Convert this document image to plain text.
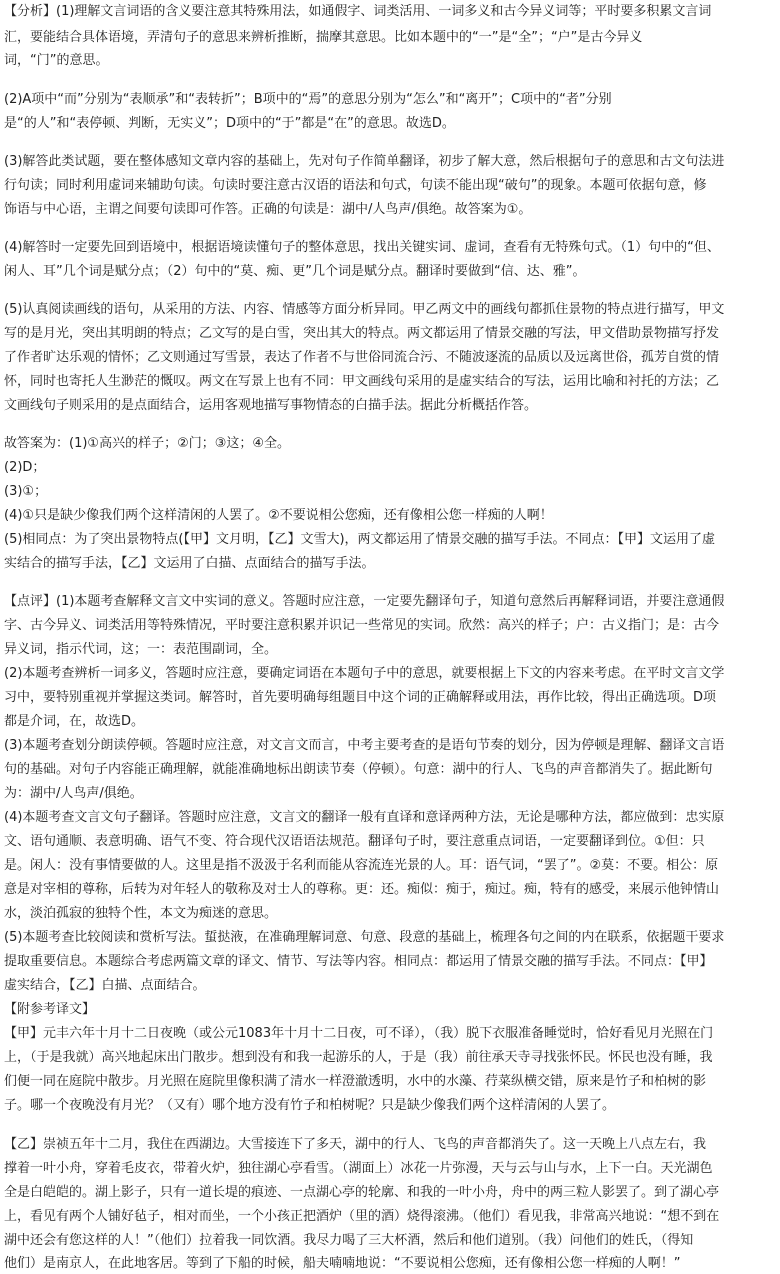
【分析】(1)理解文言词语的含义要注意其特殊用法，如通假字、词类活用、一词多义和古今异义词等；平时要多积累文言词

汇，要能结合具体语境，弄清句子的意思来辨析推断，揣摩其意思。比如本题中的“一”是“全”；“户”是古今异义

词，“门”的意思。

(2)A项中“而”分别为“表顺承”和“表转折”；B项中的“焉”的意思分别为“怎么”和“离开”；C项中的“者”分别

是“的人”和“表停顿、判断，无实义”；D项中的“于”都是“在”的意思。故选D。

(3)解答此类试题，要在整体感知文章内容的基础上，先对句子作简单翻译，初步了解大意，然后根据句子的意思和古文句法进

行句读；同时利用虚词来辅助句读。句读时要注意古汉语的语法和句式，句读不能出现“破句”的现象。本题可依据句意，修

饰语与中心语，主谓之间要句读即可作答。正确的句读是：湖中/人鸟声/俱绝。故答案为①。

(4)解答时一定要先回到语境中，根据语境读懂句子的整体意思，找出关键实词、虚词，查看有无特殊句式。（1）句中的“但、

闲人、耳”几个词是赋分点；（2）句中的“莫、痴、更”几个词是赋分点。翻译时要做到“信、达、雅”。

(5)认真阅读画线的语句，从采用的方法、内容、情感等方面分析异同。甲乙两文中的画线句都抓住景物的特点进行描写，甲文

写的是月光，突出其明朗的特点；乙文写的是白雪，突出其大的特点。两文都运用了情景交融的写法，甲文借助景物描写抒发

了作者旷达乐观的情怀；乙文则通过写雪景，表达了作者不与世俗同流合污、不随波逐流的品质以及远离世俗，孤芳自赏的情

怀，同时也寄托人生渺茫的慨叹。两文在写景上也有不同：甲文画线句采用的是虚实结合的写法，运用比喻和衬托的方法；乙

文画线句子则采用的是点面结合，运用客观地描写事物情态的白描手法。据此分析概括作答。

故答案为：(1)①高兴的样子；②门；③这；④全。

(2)D；

(3)①；

(4)①只是缺少像我们两个这样清闲的人罢了。②不要说相公您痴，还有像相公您一样痴的人啊！

(5)相同点：为了突出景物特点(【甲】文月明，【乙】文雪大)，两文都运用了情景交融的描写手法。不同点：【甲】文运用了虚

实结合的描写手法，【乙】文运用了白描、点面结合的描写手法。

【点评】(1)本题考查解释文言文中实词的意义。答题时应注意，一定要先翻译句子，知道句意然后再解释词语，并要注意通假

字、古今异义、词类活用等特殊情况，平时要注意积累并识记一些常见的实词。欣然：高兴的样子；户：古义指门；是：古今

异义词，指示代词，这；一：表范围副词，全。

(2)本题考查辨析一词多义，答题时应注意，要确定词语在本题句子中的意思，就要根据上下文的内容来考虑。在平时文言文学

习中，要特别重视并掌握这类词。解答时，首先要明确每组题目中这个词的正确解释或用法，再作比较，得出正确选项。D项

都是介词，在，故选D。

(3)本题考查划分朗读停顿。答题时应注意，对文言文而言，中考主要考查的是语句节奏的划分，因为停顿是理解、翻译文言语

句的基础。对句子内容能正确理解，就能准确地标出朗读节奏（停顿）。句意：湖中的行人、飞鸟的声音都消失了。据此断句

为：湖中/人鸟声/俱绝。

(4)本题考查文言文句子翻译。答题时应注意，文言文的翻译一般有直译和意译两种方法，无论是哪种方法，都应做到：忠实原

文、语句通顺、表意明确、语气不变、符合现代汉语语法规范。翻译句子时，要注意重点词语，一定要翻译到位。①但：只

是。闲人：没有事情要做的人。这里是指不汲汲于名利而能从容流连光景的人。耳：语气词，“罢了”。②莫：不要。相公：原

意是对宰相的尊称，后转为对年轻人的敬称及对士人的尊称。更：还。痴似：痴于，痴过。痴，特有的感受，来展示他钟情山

水，淡泊孤寂的独特个性，本文为痴迷的意思。

(5)本题考查比较阅读和赏析写法。蜇挞液，在准确理解词意、句意、段意的基础上，梳理各句之间的内在联系，依据题干要求

提取重要信息。本题综合考虑两篇文章的译文、情节、写法等内容。相同点：都运用了情景交融的描写手法。不同点：【甲】

虚实结合，【乙】白描、点面结合。

【附参考译文】

【甲】元丰六年十月十二日夜晚（或公元1083年十月十二日夜，可不译），（我）脱下衣服准备睡觉时，恰好看见月光照在门

上，（于是我就）高兴地起床出门散步。想到没有和我一起游乐的人，于是（我）前往承天寺寻找张怀民。怀民也没有睡，我

们便一同在庭院中散步。月光照在庭院里像积满了清水一样澄澈透明，水中的水藻、荇菜纵横交错，原来是竹子和柏树的影

子。哪一个夜晚没有月光？（又有）哪个地方没有竹子和柏树呢？只是缺少像我们两个这样清闲的人罢了。

【乙】崇祯五年十二月，我住在西湖边。大雪接连下了多天，湖中的行人、飞鸟的声音都消失了。这一天晚上八点左右，我

撑着一叶小舟，穿着毛皮衣，带着火炉，独往湖心亭看雪。（湖面上）冰花一片弥漫，天与云与山与水，上下一白。天光湖色

全是白皑皑的。湖上影子，只有一道长堤的痕迹、一点湖心亭的轮廓、和我的一叶小舟，舟中的两三粒人影罢了。到了湖心亭

上，看见有两个人铺好毡子，相对而坐，一个小孩正把酒炉（里的酒）烧得滚沸。（他们）看见我，非常高兴地说：“想不到在

湖中还会有您这样的人！”（他们）拉着我一同饮酒。我尽力喝了三大杯酒，然后和他们道别。（我）问他们的姓氏，（得知

他们）是南京人，在此地客居。等到了下船的时候，船夫喃喃地说：“不要说相公您痴，还有像相公您一样痴的人啊！”
